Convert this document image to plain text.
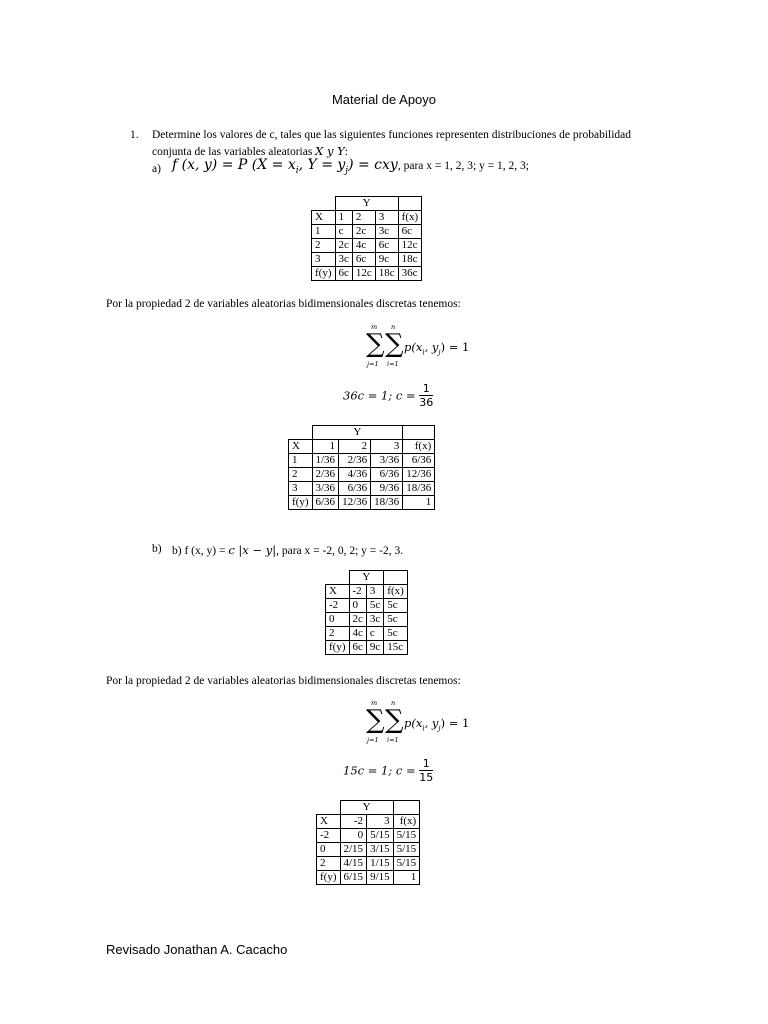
Material de Apoyo
1. Determine los valores de c, tales que las siguientes funciones representen distribuciones de probabilidad
conjunta de las variables aleatorias X y Y:
a) f (x, y) = P ($X = x_i$, $Y = y_j$) = cxy, para x = 1, 2, 3; y = 1, 2, 3;
	Y			
X	1	2	3	f(x)
1	c	2c	3c	6c
2	2c	4c	6c	12c
3	3c	6c	9c	18c
f(y)	6c	12c	18c	36c
Por la propiedad 2 de variables aleatorias bidimensionales discretas tenemos:
m n
∑ ∑
j=1 i=1
$p(x_i$, $y_j) = 1$
36c = 1; $c = \frac{1}{36}$
	Y			
X	1	2	3	f(x)
1	1/36	2/36	3/36	6/36
2	2/36	4/36	6/36	12/36
3	3/36	6/36	9/36	18/36
f(y)	6/36	12/36	18/36	1
b) b) f (x, y) = c |x − y|, para x = -2, 0, 2; y = -2, 3.
	Y		
X	-2	3	f(x)
-2	0	5c	5c
0	2c	3c	5c
2	4c	c	5c
f(y)	6c	9c	15c
Por la propiedad 2 de variables aleatorias bidimensionales discretas tenemos:
m n
∑ ∑
j=1 i=1
$p(x_i$, $y_j) = 1$
15c = 1; $c = \frac{1}{15}$
	Y		
X	-2	3	f(x)
-2	0	5/15	5/15
0	2/15	3/15	5/15
2	4/15	1/15	5/15
f(y)	6/15	9/15	1
Revisado Jonathan A. Cacacho
